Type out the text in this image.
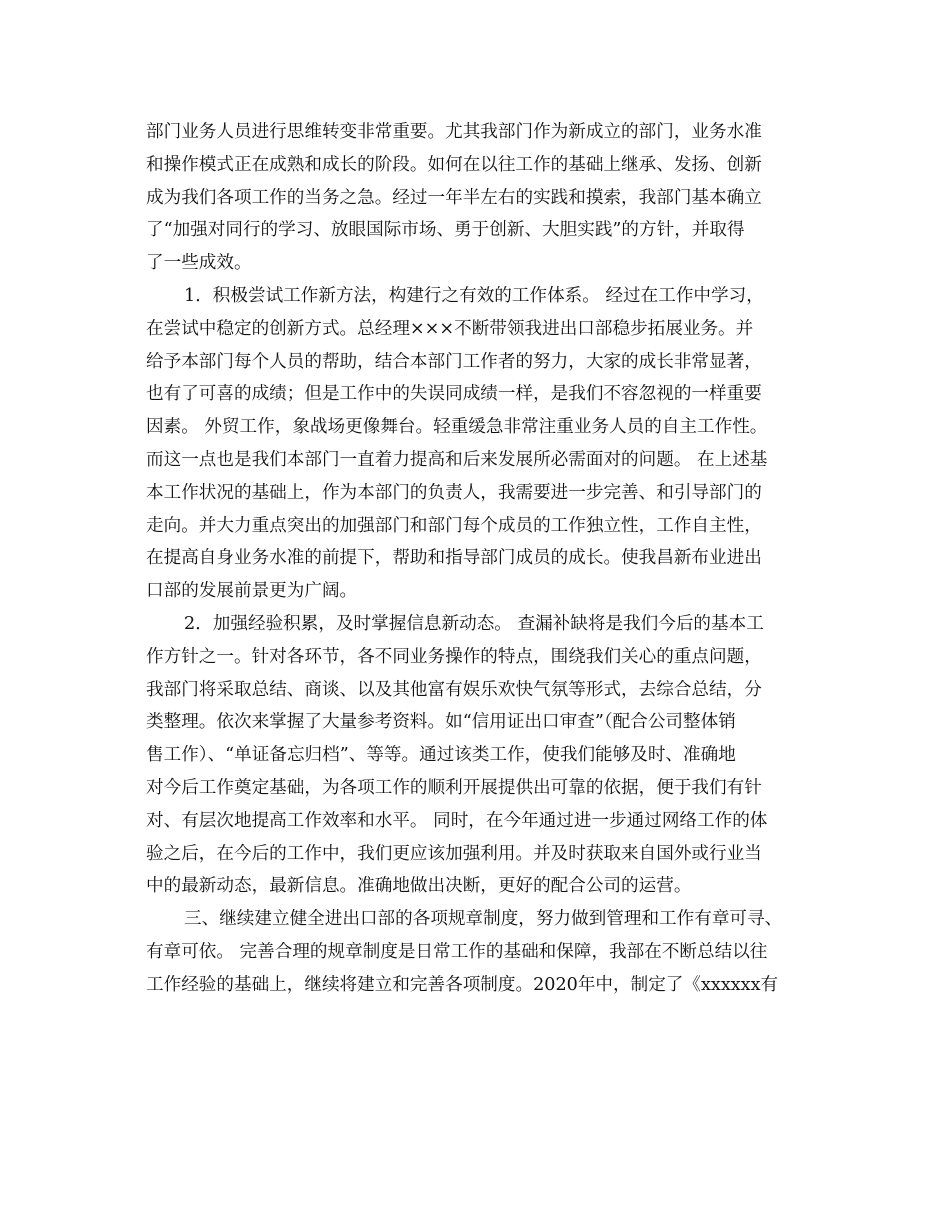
部门业务人员进行思维转变非常重要。尤其我部门作为新成立的部门，业务水准
和操作模式正在成熟和成长的阶段。如何在以往工作的基础上继承、发扬、创新
成为我们各项工作的当务之急。经过一年半左右的实践和摸索，我部门基本确立
了“加强对同行的学习、放眼国际市场、勇于创新、大胆实践”的方针，并取得
了一些成效。
1．积极尝试工作新方法，构建行之有效的工作体系。 经过在工作中学习，
在尝试中稳定的创新方式。总经理×××不断带领我进出口部稳步拓展业务。并
给予本部门每个人员的帮助，结合本部门工作者的努力，大家的成长非常显著，
也有了可喜的成绩；但是工作中的失误同成绩一样，是我们不容忽视的一样重要
因素。 外贸工作，象战场更像舞台。轻重缓急非常注重业务人员的自主工作性。
而这一点也是我们本部门一直着力提高和后来发展所必需面对的问题。 在上述基
本工作状况的基础上，作为本部门的负责人，我需要进一步完善、和引导部门的
走向。并大力重点突出的加强部门和部门每个成员的工作独立性，工作自主性，
在提高自身业务水准的前提下，帮助和指导部门成员的成长。使我昌新布业进出
口部的发展前景更为广阔。
2．加强经验积累，及时掌握信息新动态。 查漏补缺将是我们今后的基本工
作方针之一。针对各环节，各不同业务操作的特点，围绕我们关心的重点问题，
我部门将采取总结、商谈、以及其他富有娱乐欢快气氛等形式，去综合总结，分
类整理。依次来掌握了大量参考资料。如“信用证出口审查”（配合公司整体销
售工作）、“单证备忘归档”、等等。通过该类工作，使我们能够及时、准确地
对今后工作奠定基础，为各项工作的顺利开展提供出可靠的依据，便于我们有针
对、有层次地提高工作效率和水平。 同时，在今年通过进一步通过网络工作的体
验之后，在今后的工作中，我们更应该加强利用。并及时获取来自国外或行业当
中的最新动态，最新信息。准确地做出决断，更好的配合公司的运营。
三、继续建立健全进出口部的各项规章制度，努力做到管理和工作有章可寻、
有章可依。 完善合理的规章制度是日常工作的基础和保障，我部在不断总结以往
工作经验的基础上，继续将建立和完善各项制度。2020年中，制定了《xxxxxx有
